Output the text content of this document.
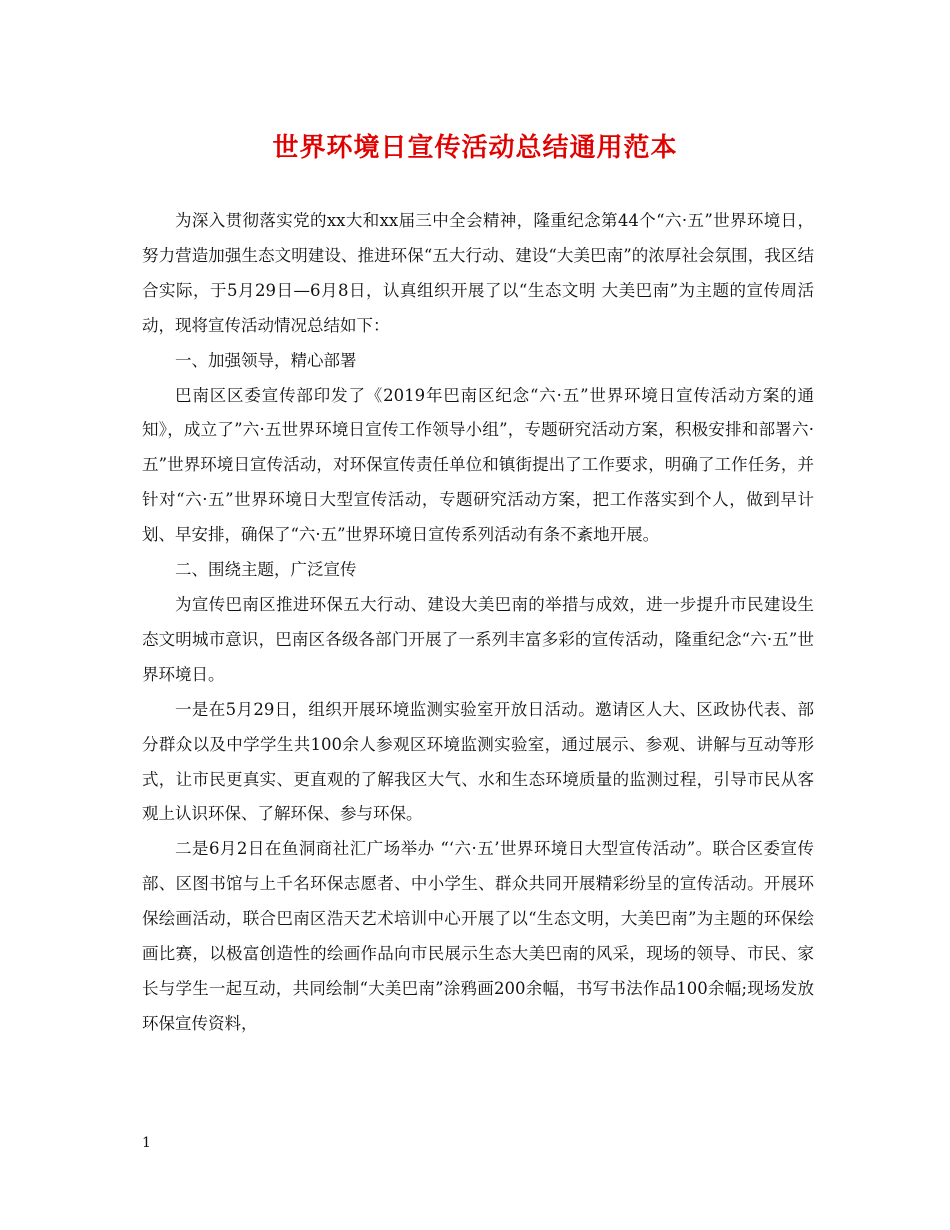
世界环境日宣传活动总结通用范本

为深入贯彻落实党的xx大和xx届三中全会精神，隆重纪念第44个“六·五”世界环境日，努力营造加强生态文明建设、推进环保“五大行动、建设“大美巴南”的浓厚社会氛围，我区结合实际，于5月29日—6月8日，认真组织开展了以“生态文明 大美巴南”为主题的宣传周活动，现将宣传活动情况总结如下：

一、加强领导，精心部署

巴南区区委宣传部印发了《2019年巴南区纪念“六·五”世界环境日宣传活动方案的通知》，成立了”六·五世界环境日宣传工作领导小组”，专题研究活动方案，积极安排和部署六·五”世界环境日宣传活动，对环保宣传责任单位和镇街提出了工作要求，明确了工作任务，并针对“六·五”世界环境日大型宣传活动，专题研究活动方案，把工作落实到个人，做到早计划、早安排，确保了“六·五”世界环境日宣传系列活动有条不紊地开展。

二、围绕主题，广泛宣传

为宣传巴南区推进环保五大行动、建设大美巴南的举措与成效，进一步提升市民建设生态文明城市意识，巴南区各级各部门开展了一系列丰富多彩的宣传活动，隆重纪念“六·五”世界环境日。

一是在5月29日，组织开展环境监测实验室开放日活动。邀请区人大、区政协代表、部分群众以及中学学生共100余人参观区环境监测实验室，通过展示、参观、讲解与互动等形式，让市民更真实、更直观的了解我区大气、水和生态环境质量的监测过程，引导市民从客观上认识环保、了解环保、参与环保。

二是6月2日在鱼洞商社汇广场举办 “‘六·五’世界环境日大型宣传活动”。联合区委宣传部、区图书馆与上千名环保志愿者、中小学生、群众共同开展精彩纷呈的宣传活动。开展环保绘画活动，联合巴南区浩天艺术培训中心开展了以“生态文明，大美巴南”为主题的环保绘画比赛，以极富创造性的绘画作品向市民展示生态大美巴南的风采，现场的领导、市民、家长与学生一起互动，共同绘制“大美巴南”涂鸦画200余幅，书写书法作品100余幅;现场发放环保宣传资料，

1
